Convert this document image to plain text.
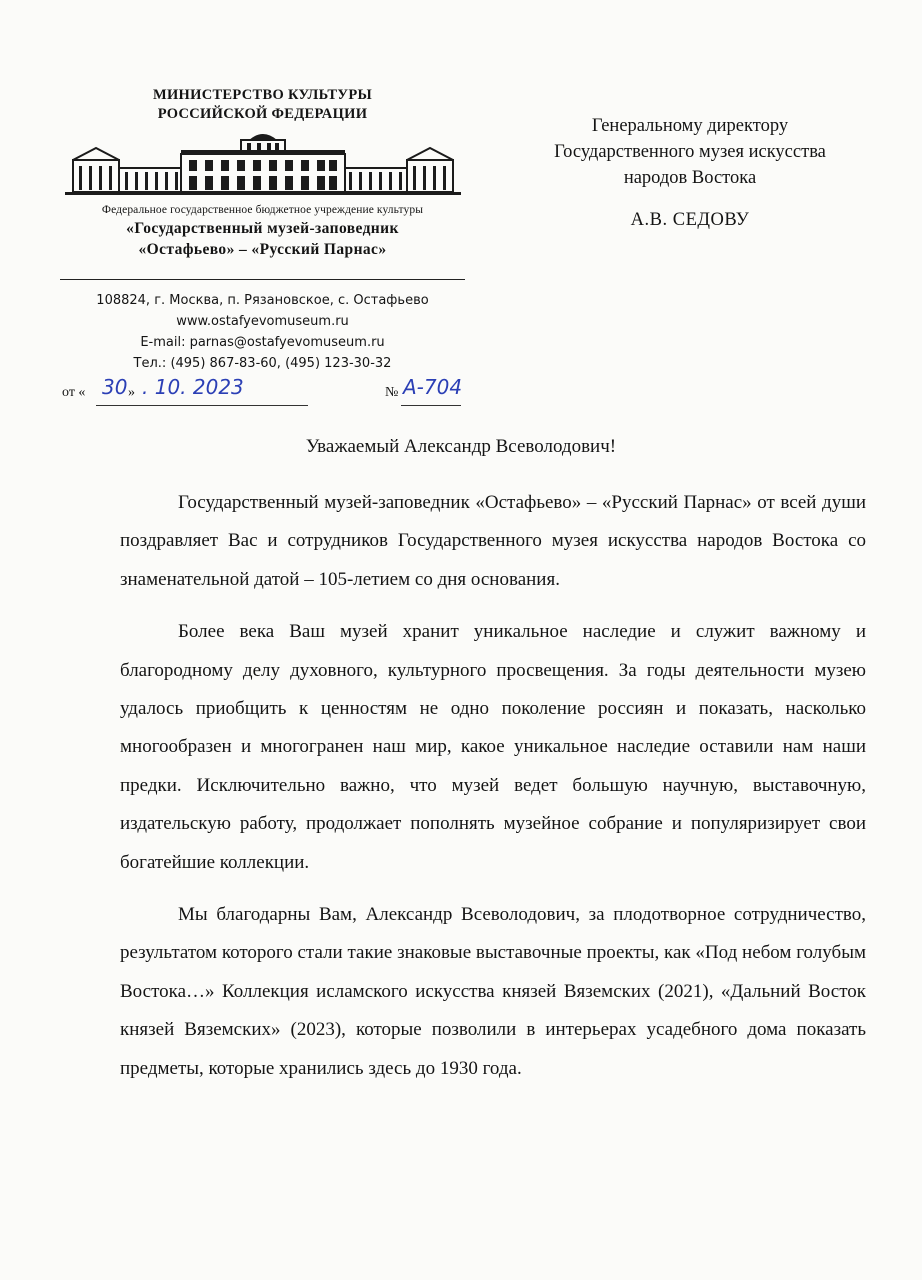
МИНИСТЕРСТВО КУЛЬТУРЫ
РОССИЙСКОЙ ФЕДЕРАЦИИ
Федеральное государственное бюджетное учреждение культуры
«Государственный музей-заповедник
«Остафьево» – «Русский Парнас»
108824, г. Москва, п. Рязановское, с. Остафьево
www.ostafyevomuseum.ru
E-mail: parnas@ostafyevomuseum.ru
Тел.: (495) 867-83-60, (495) 123-30-32
от « 30 » . 10. 2023	№ А-704
Генеральному директору
Государственного музея искусства
народов Востока
А.В. СЕДОВУ
Уважаемый Александр Всеволодович!

Государственный музей-заповедник «Остафьево» – «Русский Парнас» от всей души поздравляет Вас и сотрудников Государственного музея искусства народов Востока со знаменательной датой – 105-летием со дня основания.

Более века Ваш музей хранит уникальное наследие и служит важному и благородному делу духовного, культурного просвещения. За годы деятельности музею удалось приобщить к ценностям не одно поколение россиян и показать, насколько многообразен и многогранен наш мир, какое уникальное наследие оставили нам наши предки. Исключительно важно, что музей ведет большую научную, выставочную, издательскую работу, продолжает пополнять музейное собрание и популяризирует свои богатейшие коллекции.

Мы благодарны Вам, Александр Всеволодович, за плодотворное сотрудничество, результатом которого стали такие знаковые выставочные проекты, как «Под небом голубым Востока…» Коллекция исламского искусства князей Вяземских (2021), «Дальний Восток князей Вяземских» (2023), которые позволили в интерьерах усадебного дома показать предметы, которые хранились здесь до 1930 года.
